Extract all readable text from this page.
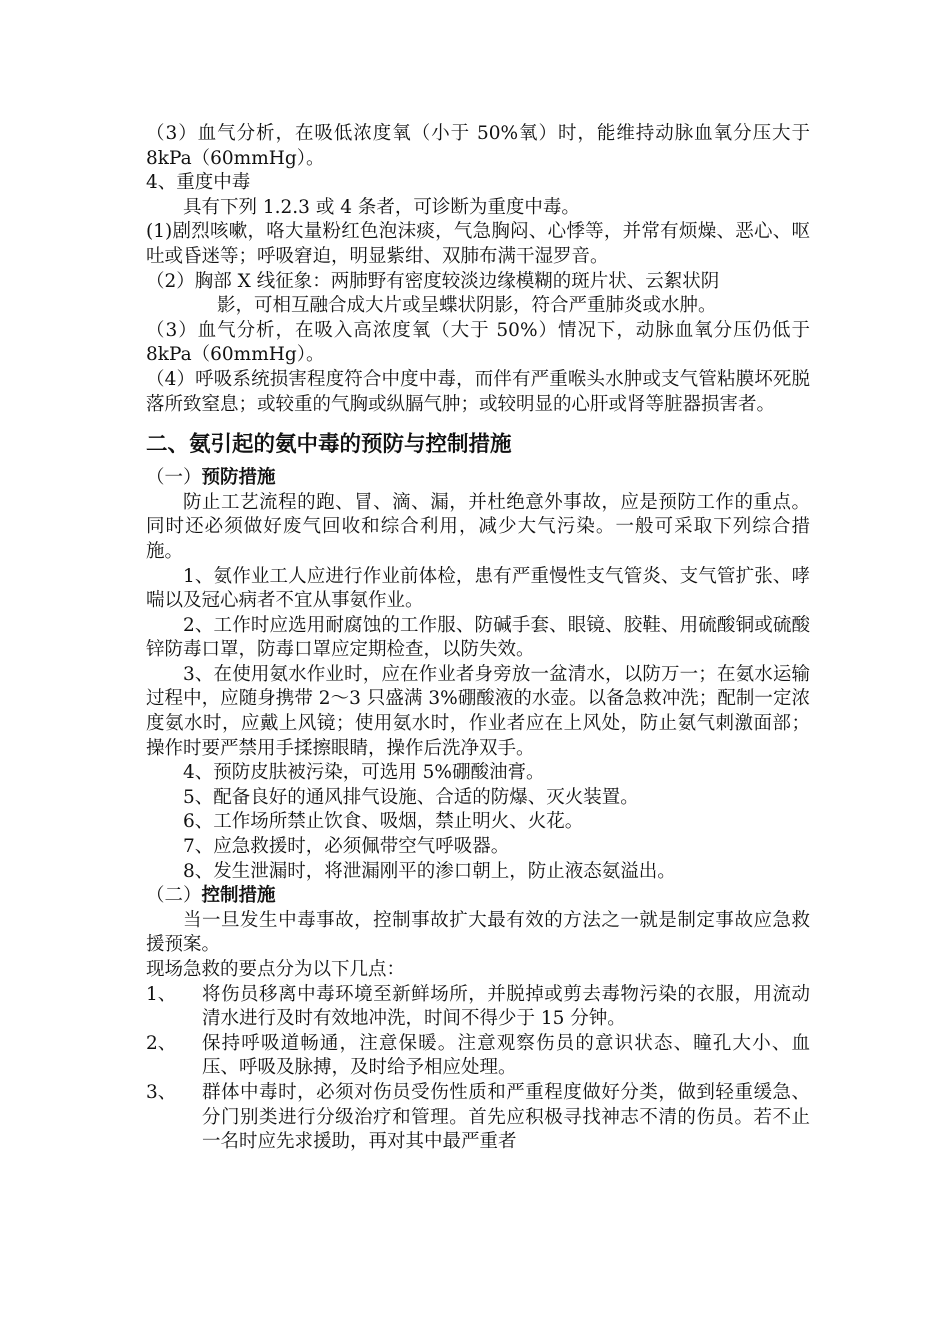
（3）血气分析，在吸低浓度氧（小于 50%氧）时，能维持动脉血氧分压大于 8kPa（60mmHg）。

4、重度中毒

具有下列 1.2.3 或 4 条者，可诊断为重度中毒。

(1)剧烈咳嗽，咯大量粉红色泡沫痰，气急胸闷、心悸等，并常有烦燥、恶心、呕吐或昏迷等；呼吸窘迫，明显紫绀、双肺布满干湿罗音。

（2）胸部 X 线征象：两肺野有密度较淡边缘模糊的斑片状、云絮状阴

影，可相互融合成大片或呈蝶状阴影，符合严重肺炎或水肿。

（3）血气分析，在吸入高浓度氧（大于 50%）情况下，动脉血氧分压仍低于 8kPa（60mmHg）。

（4）呼吸系统损害程度符合中度中毒，而伴有严重喉头水肿或支气管粘膜坏死脱落所致窒息；或较重的气胸或纵膈气肿；或较明显的心肝或肾等脏器损害者。

二、氨引起的氨中毒的预防与控制措施

（一）预防措施

防止工艺流程的跑、冒、滴、漏，并杜绝意外事故，应是预防工作的重点。同时还必须做好废气回收和综合利用，减少大气污染。一般可采取下列综合措施。

1、氨作业工人应进行作业前体检，患有严重慢性支气管炎、支气管扩张、哮喘以及冠心病者不宜从事氨作业。

2、工作时应选用耐腐蚀的工作服、防碱手套、眼镜、胶鞋、用硫酸铜或硫酸锌防毒口罩，防毒口罩应定期检查，以防失效。

3、在使用氨水作业时，应在作业者身旁放一盆清水，以防万一；在氨水运输过程中，应随身携带 2～3 只盛满 3%硼酸液的水壶。以备急救冲洗；配制一定浓度氨水时，应戴上风镜；使用氨水时，作业者应在上风处，防止氨气刺激面部；操作时要严禁用手揉擦眼睛，操作后洗净双手。

4、预防皮肤被污染，可选用 5%硼酸油膏。

5、配备良好的通风排气设施、合适的防爆、灭火装置。

6、工作场所禁止饮食、吸烟，禁止明火、火花。

7、应急救援时，必须佩带空气呼吸器。

8、发生泄漏时，将泄漏刚平的渗口朝上，防止液态氨溢出。

（二）控制措施

当一旦发生中毒事故，控制事故扩大最有效的方法之一就是制定事故应急救援预案。

现场急救的要点分为以下几点：

1、	将伤员移离中毒环境至新鲜场所，并脱掉或剪去毒物污染的衣服，用流动清水进行及时有效地冲洗，时间不得少于 15 分钟。
2、	保持呼吸道畅通，注意保暖。注意观察伤员的意识状态、瞳孔大小、血压、呼吸及脉搏，及时给予相应处理。
3、	群体中毒时，必须对伤员受伤性质和严重程度做好分类，做到轻重缓急、分门别类进行分级治疗和管理。首先应积极寻找神志不清的伤员。若不止一名时应先求援助，再对其中最严重者
